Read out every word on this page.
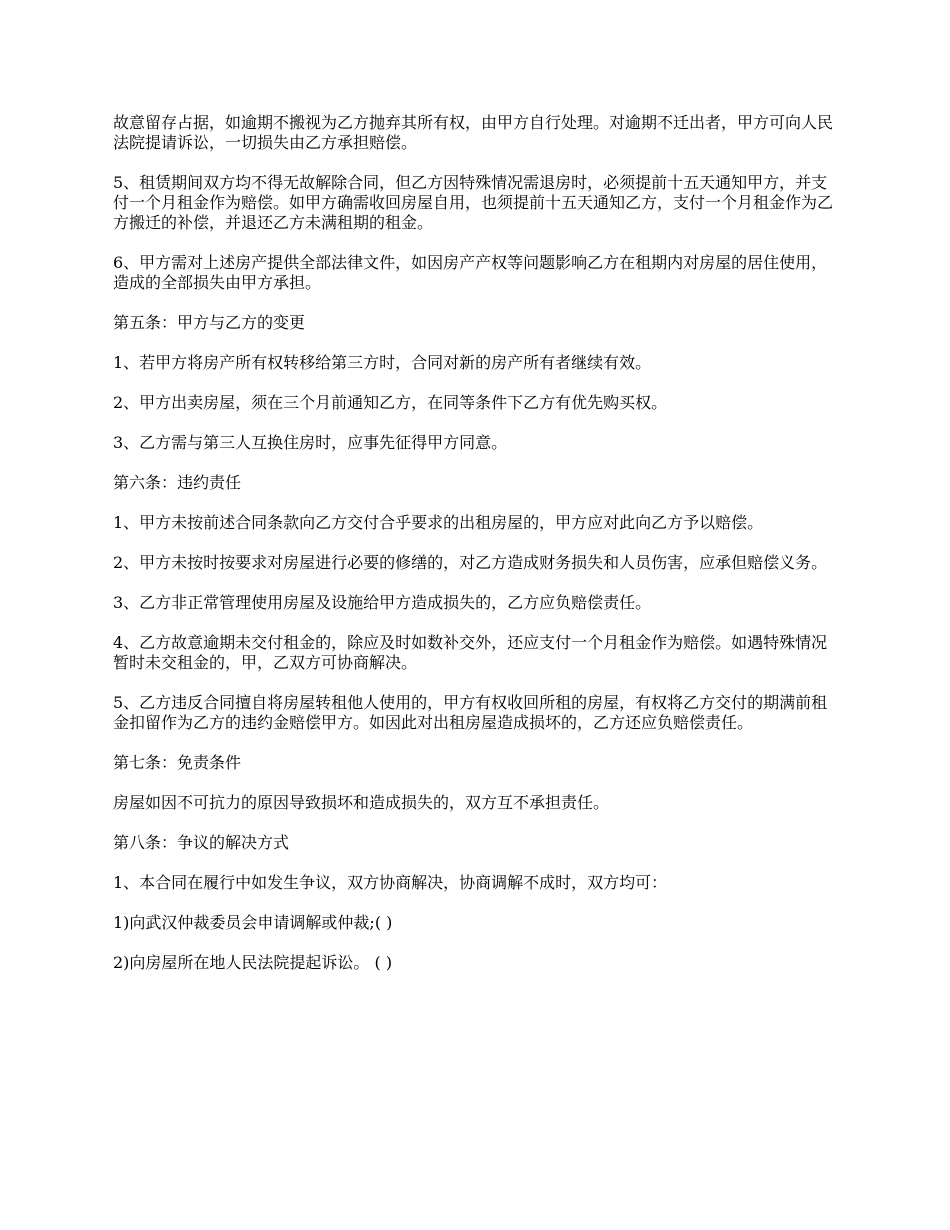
故意留存占据，如逾期不搬视为乙方抛弃其所有权，由甲方自行处理。对逾期不迁出者，甲方可向人民法院提请诉讼，一切损失由乙方承担赔偿。

5、租赁期间双方均不得无故解除合同，但乙方因特殊情况需退房时，必须提前十五天通知甲方，并支付一个月租金作为赔偿。如甲方确需收回房屋自用，也须提前十五天通知乙方，支付一个月租金作为乙方搬迁的补偿，并退还乙方未满租期的租金。

6、甲方需对上述房产提供全部法律文件，如因房产产权等问题影响乙方在租期内对房屋的居住使用，造成的全部损失由甲方承担。

第五条：甲方与乙方的变更

1、若甲方将房产所有权转移给第三方时，合同对新的房产所有者继续有效。

2、甲方出卖房屋，须在三个月前通知乙方，在同等条件下乙方有优先购买权。

3、乙方需与第三人互换住房时，应事先征得甲方同意。

第六条：违约责任

1、甲方未按前述合同条款向乙方交付合乎要求的出租房屋的，甲方应对此向乙方予以赔偿。

2、甲方未按时按要求对房屋进行必要的修缮的，对乙方造成财务损失和人员伤害，应承但赔偿义务。

3、乙方非正常管理使用房屋及设施给甲方造成损失的，乙方应负赔偿责任。

4、乙方故意逾期未交付租金的，除应及时如数补交外，还应支付一个月租金作为赔偿。如遇特殊情况暂时未交租金的，甲，乙双方可协商解决。

5、乙方违反合同擅自将房屋转租他人使用的，甲方有权收回所租的房屋，有权将乙方交付的期满前租金扣留作为乙方的违约金赔偿甲方。如因此对出租房屋造成损坏的，乙方还应负赔偿责任。

第七条：免责条件

房屋如因不可抗力的原因导致损坏和造成损失的，双方互不承担责任。

第八条：争议的解决方式

1、本合同在履行中如发生争议，双方协商解决，协商调解不成时，双方均可：

1)向武汉仲裁委员会申请调解或仲裁;( )

2)向房屋所在地人民法院提起诉讼。 ( )
